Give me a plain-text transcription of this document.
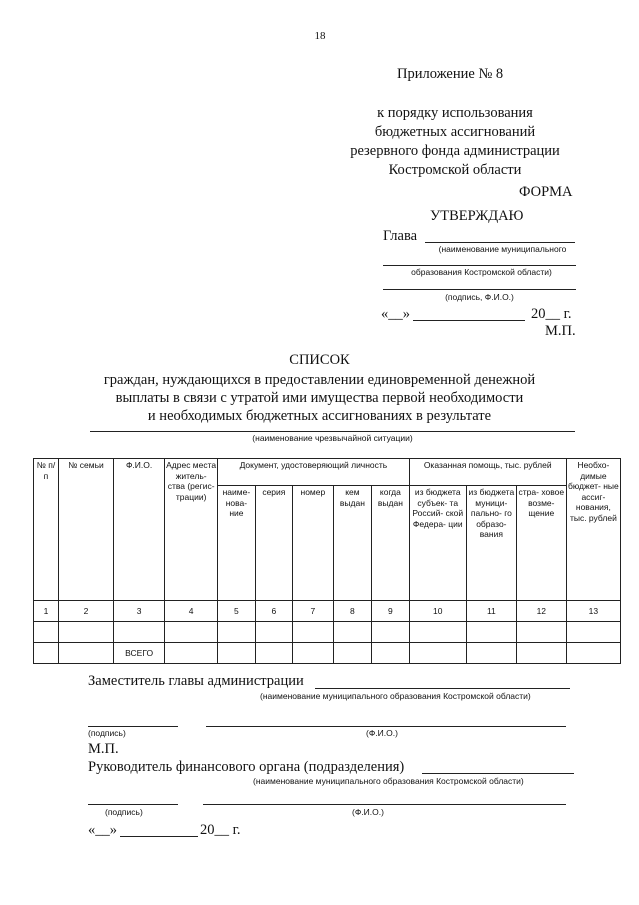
18
Приложение № 8
к порядку использования
бюджетных ассигнований
резервного фонда администрации
Костромской области
ФОРМА
УТВЕРЖДАЮ
Глава
(наименование муниципального
образования Костромской области)
(подпись, Ф.И.О.)
«__»	20__ г.
М.П.
СПИСОК
граждан, нуждающихся в предоставлении единовременной денежной
выплаты в связи с утратой ими имущества первой необходимости
и необходимых бюджетных ассигнованиях в результате
(наименование чрезвычайной ситуации)
№ п/п	№ семьи	Ф.И.О.	Адрес места житель- ства (регис- трации)	Документ, удостоверяющий личность					Оказанная помощь, тыс. рублей			Необхо- димые бюджет- ные ассиг- нования, тыс. рублей
				наиме- нова- ние	серия	номер	кем выдан	когда выдан	из бюджета субъек- та Россий- ской Федера- ции	из бюджета муници- пально- го образо- вания	стра- ховое возме- щение	
1	2	3	4	5	6	7	8	9	10	11	12	13

		ВСЕГО										
Заместитель главы администрации
(наименование муниципального образования Костромской области)
(подпись)	(Ф.И.О.)
М.П.
Руководитель финансового органа (подразделения)
(наименование муниципального образования Костромской области)
(подпись)	(Ф.И.О.)
«__»	20__ г.
